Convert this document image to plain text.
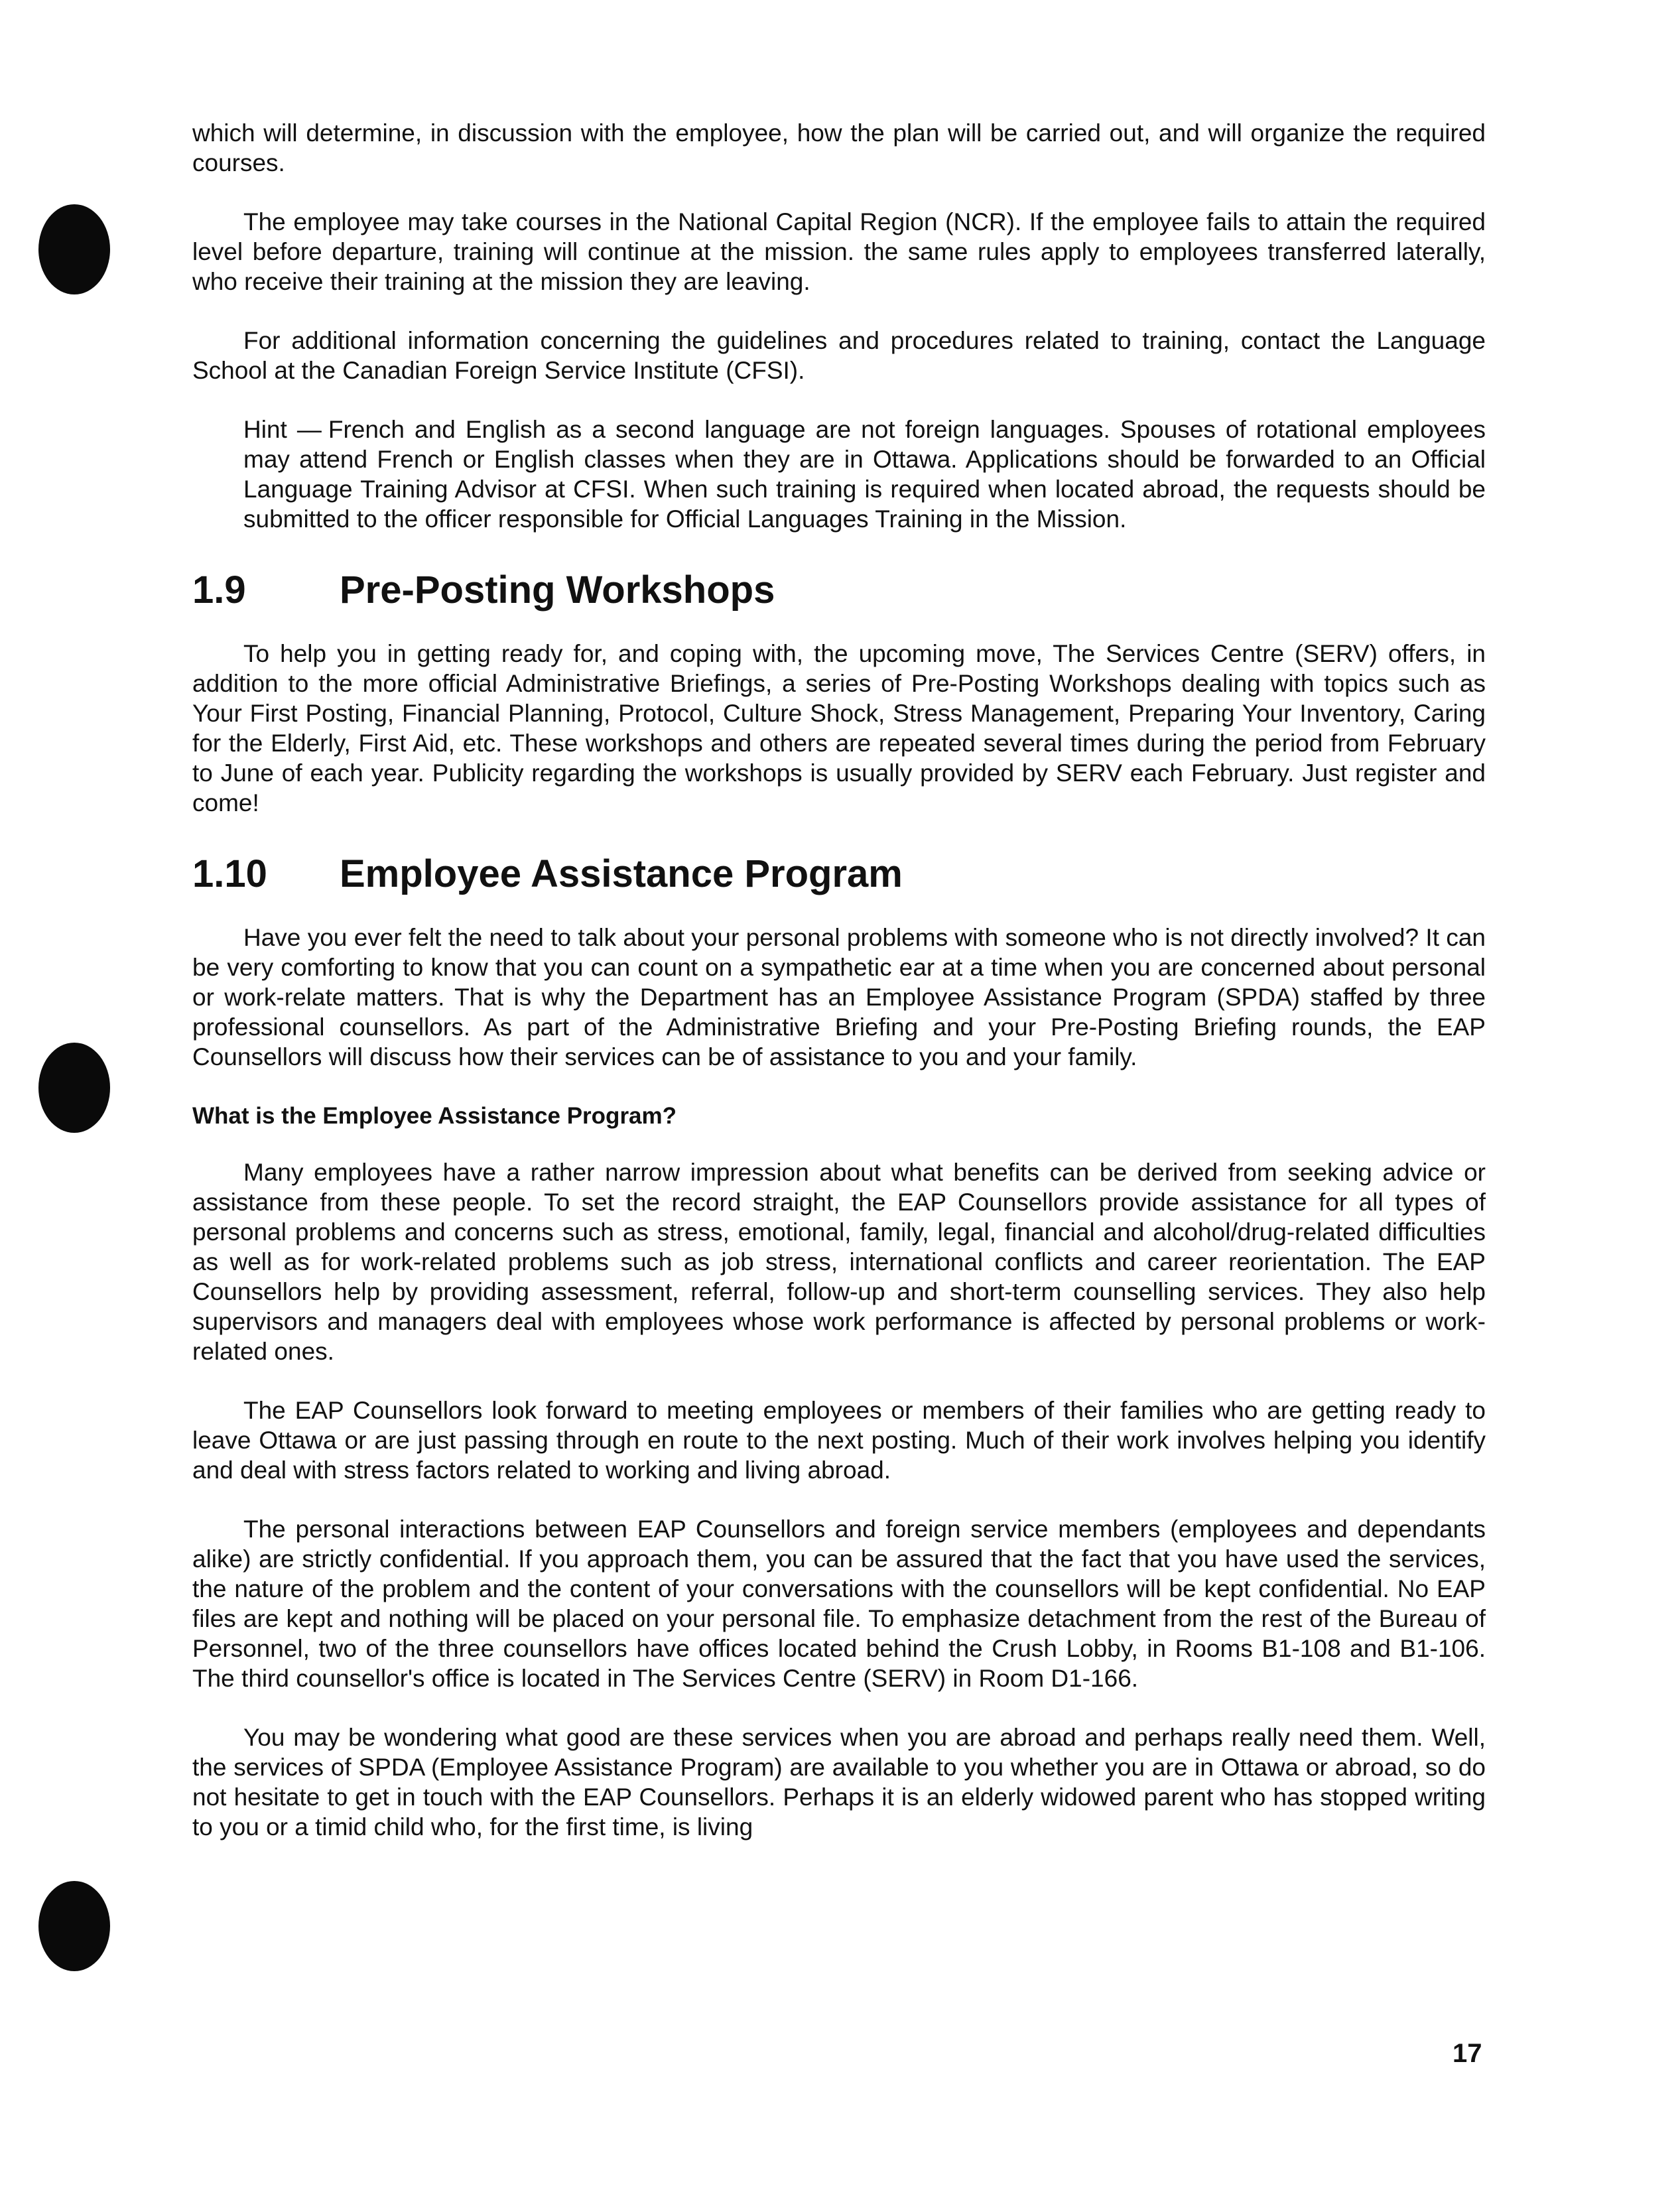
which will determine, in discussion with the employee, how the plan will be carried out, and will organize the required courses.

The employee may take courses in the National Capital Region (NCR). If the employee fails to attain the required level before departure, training will continue at the mission. the same rules apply to employees transferred laterally, who receive their training at the mission they are leaving.

For additional information concerning the guidelines and procedures related to training, contact the Language School at the Canadian Foreign Service Institute (CFSI).

Hint — French and English as a second language are not foreign languages. Spouses of rotational employees may attend French or English classes when they are in Ottawa. Applications should be forwarded to an Official Language Training Advisor at CFSI. When such training is required when located abroad, the requests should be submitted to the officer responsible for Official Languages Training in the Mission.
1.9	Pre-Posting Workshops

To help you in getting ready for, and coping with, the upcoming move, The Services Centre (SERV) offers, in addition to the more official Administrative Briefings, a series of Pre-Posting Workshops dealing with topics such as Your First Posting, Financial Planning, Protocol, Culture Shock, Stress Management, Preparing Your Inventory, Caring for the Elderly, First Aid, etc. These workshops and others are repeated several times during the period from February to June of each year. Publicity regarding the workshops is usually provided by SERV each February. Just register and come!

1.10	Employee Assistance Program

Have you ever felt the need to talk about your personal problems with someone who is not directly involved? It can be very comforting to know that you can count on a sympathetic ear at a time when you are concerned about personal or work-relate matters. That is why the Department has an Employee Assistance Program (SPDA) staffed by three professional counsellors. As part of the Administrative Briefing and your Pre-Posting Briefing rounds, the EAP Counsellors will discuss how their services can be of assistance to you and your family.

What is the Employee Assistance Program?

Many employees have a rather narrow impression about what benefits can be derived from seeking advice or assistance from these people. To set the record straight, the EAP Counsellors provide assistance for all types of personal problems and concerns such as stress, emotional, family, legal, financial and alcohol/drug-related difficulties as well as for work-related problems such as job stress, international conflicts and career reorientation. The EAP Counsellors help by providing assessment, referral, follow-up and short-term counselling services. They also help supervisors and managers deal with employees whose work performance is affected by personal problems or work-related ones.

The EAP Counsellors look forward to meeting employees or members of their families who are getting ready to leave Ottawa or are just passing through en route to the next posting. Much of their work involves helping you identify and deal with stress factors related to working and living abroad.

The personal interactions between EAP Counsellors and foreign service members (employees and dependants alike) are strictly confidential. If you approach them, you can be assured that the fact that you have used the services, the nature of the problem and the content of your conversations with the counsellors will be kept confidential. No EAP files are kept and nothing will be placed on your personal file. To emphasize detachment from the rest of the Bureau of Personnel, two of the three counsellors have offices located behind the Crush Lobby, in Rooms B1-108 and B1-106. The third counsellor's office is located in The Services Centre (SERV) in Room D1-166.

You may be wondering what good are these services when you are abroad and perhaps really need them. Well, the services of SPDA (Employee Assistance Program) are available to you whether you are in Ottawa or abroad, so do not hesitate to get in touch with the EAP Counsellors. Perhaps it is an elderly widowed parent who has stopped writing to you or a timid child who, for the first time, is living

17
